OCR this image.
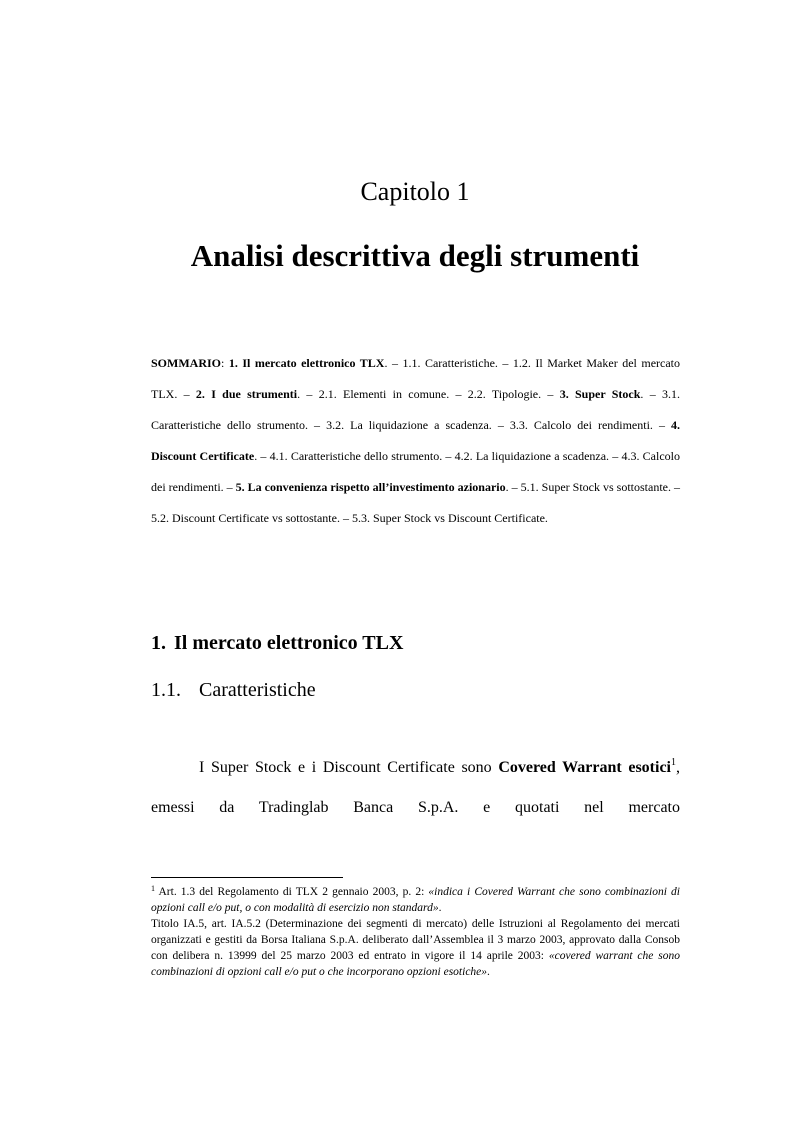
Capitolo 1
Analisi descrittiva degli strumenti
SOMMARIO: 1. Il mercato elettronico TLX. – 1.1. Caratteristiche. – 1.2. Il Market Maker del mercato TLX. – 2. I due strumenti. – 2.1. Elementi in comune. – 2.2. Tipologie. – 3. Super Stock. – 3.1. Caratteristiche dello strumento. – 3.2. La liquidazione a scadenza. – 3.3. Calcolo dei rendimenti. – 4. Discount Certificate. – 4.1. Caratteristiche dello strumento. – 4.2. La liquidazione a scadenza. – 4.3. Calcolo dei rendimenti. – 5. La convenienza rispetto all’investimento azionario. – 5.1. Super Stock vs sottostante. – 5.2. Discount Certificate vs sottostante. – 5.3. Super Stock vs Discount Certificate.
1. Il mercato elettronico TLX
1.1. Caratteristiche
I Super Stock e i Discount Certificate sono Covered Warrant esotici$^1$, emessi da Tradinglab Banca S.p.A. e quotati nel mercato

$^1$ Art. 1.3 del Regolamento di TLX 2 gennaio 2003, p. 2: «indica i Covered Warrant che sono combinazioni di opzioni call e/o put, o con modalità di esercizio non standard».

Titolo IA.5, art. IA.5.2 (Determinazione dei segmenti di mercato) delle Istruzioni al Regolamento dei mercati organizzati e gestiti da Borsa Italiana S.p.A. deliberato dall’Assemblea il 3 marzo 2003, approvato dalla Consob con delibera n. 13999 del 25 marzo 2003 ed entrato in vigore il 14 aprile 2003: «covered warrant che sono combinazioni di opzioni call e/o put o che incorporano opzioni esotiche».
